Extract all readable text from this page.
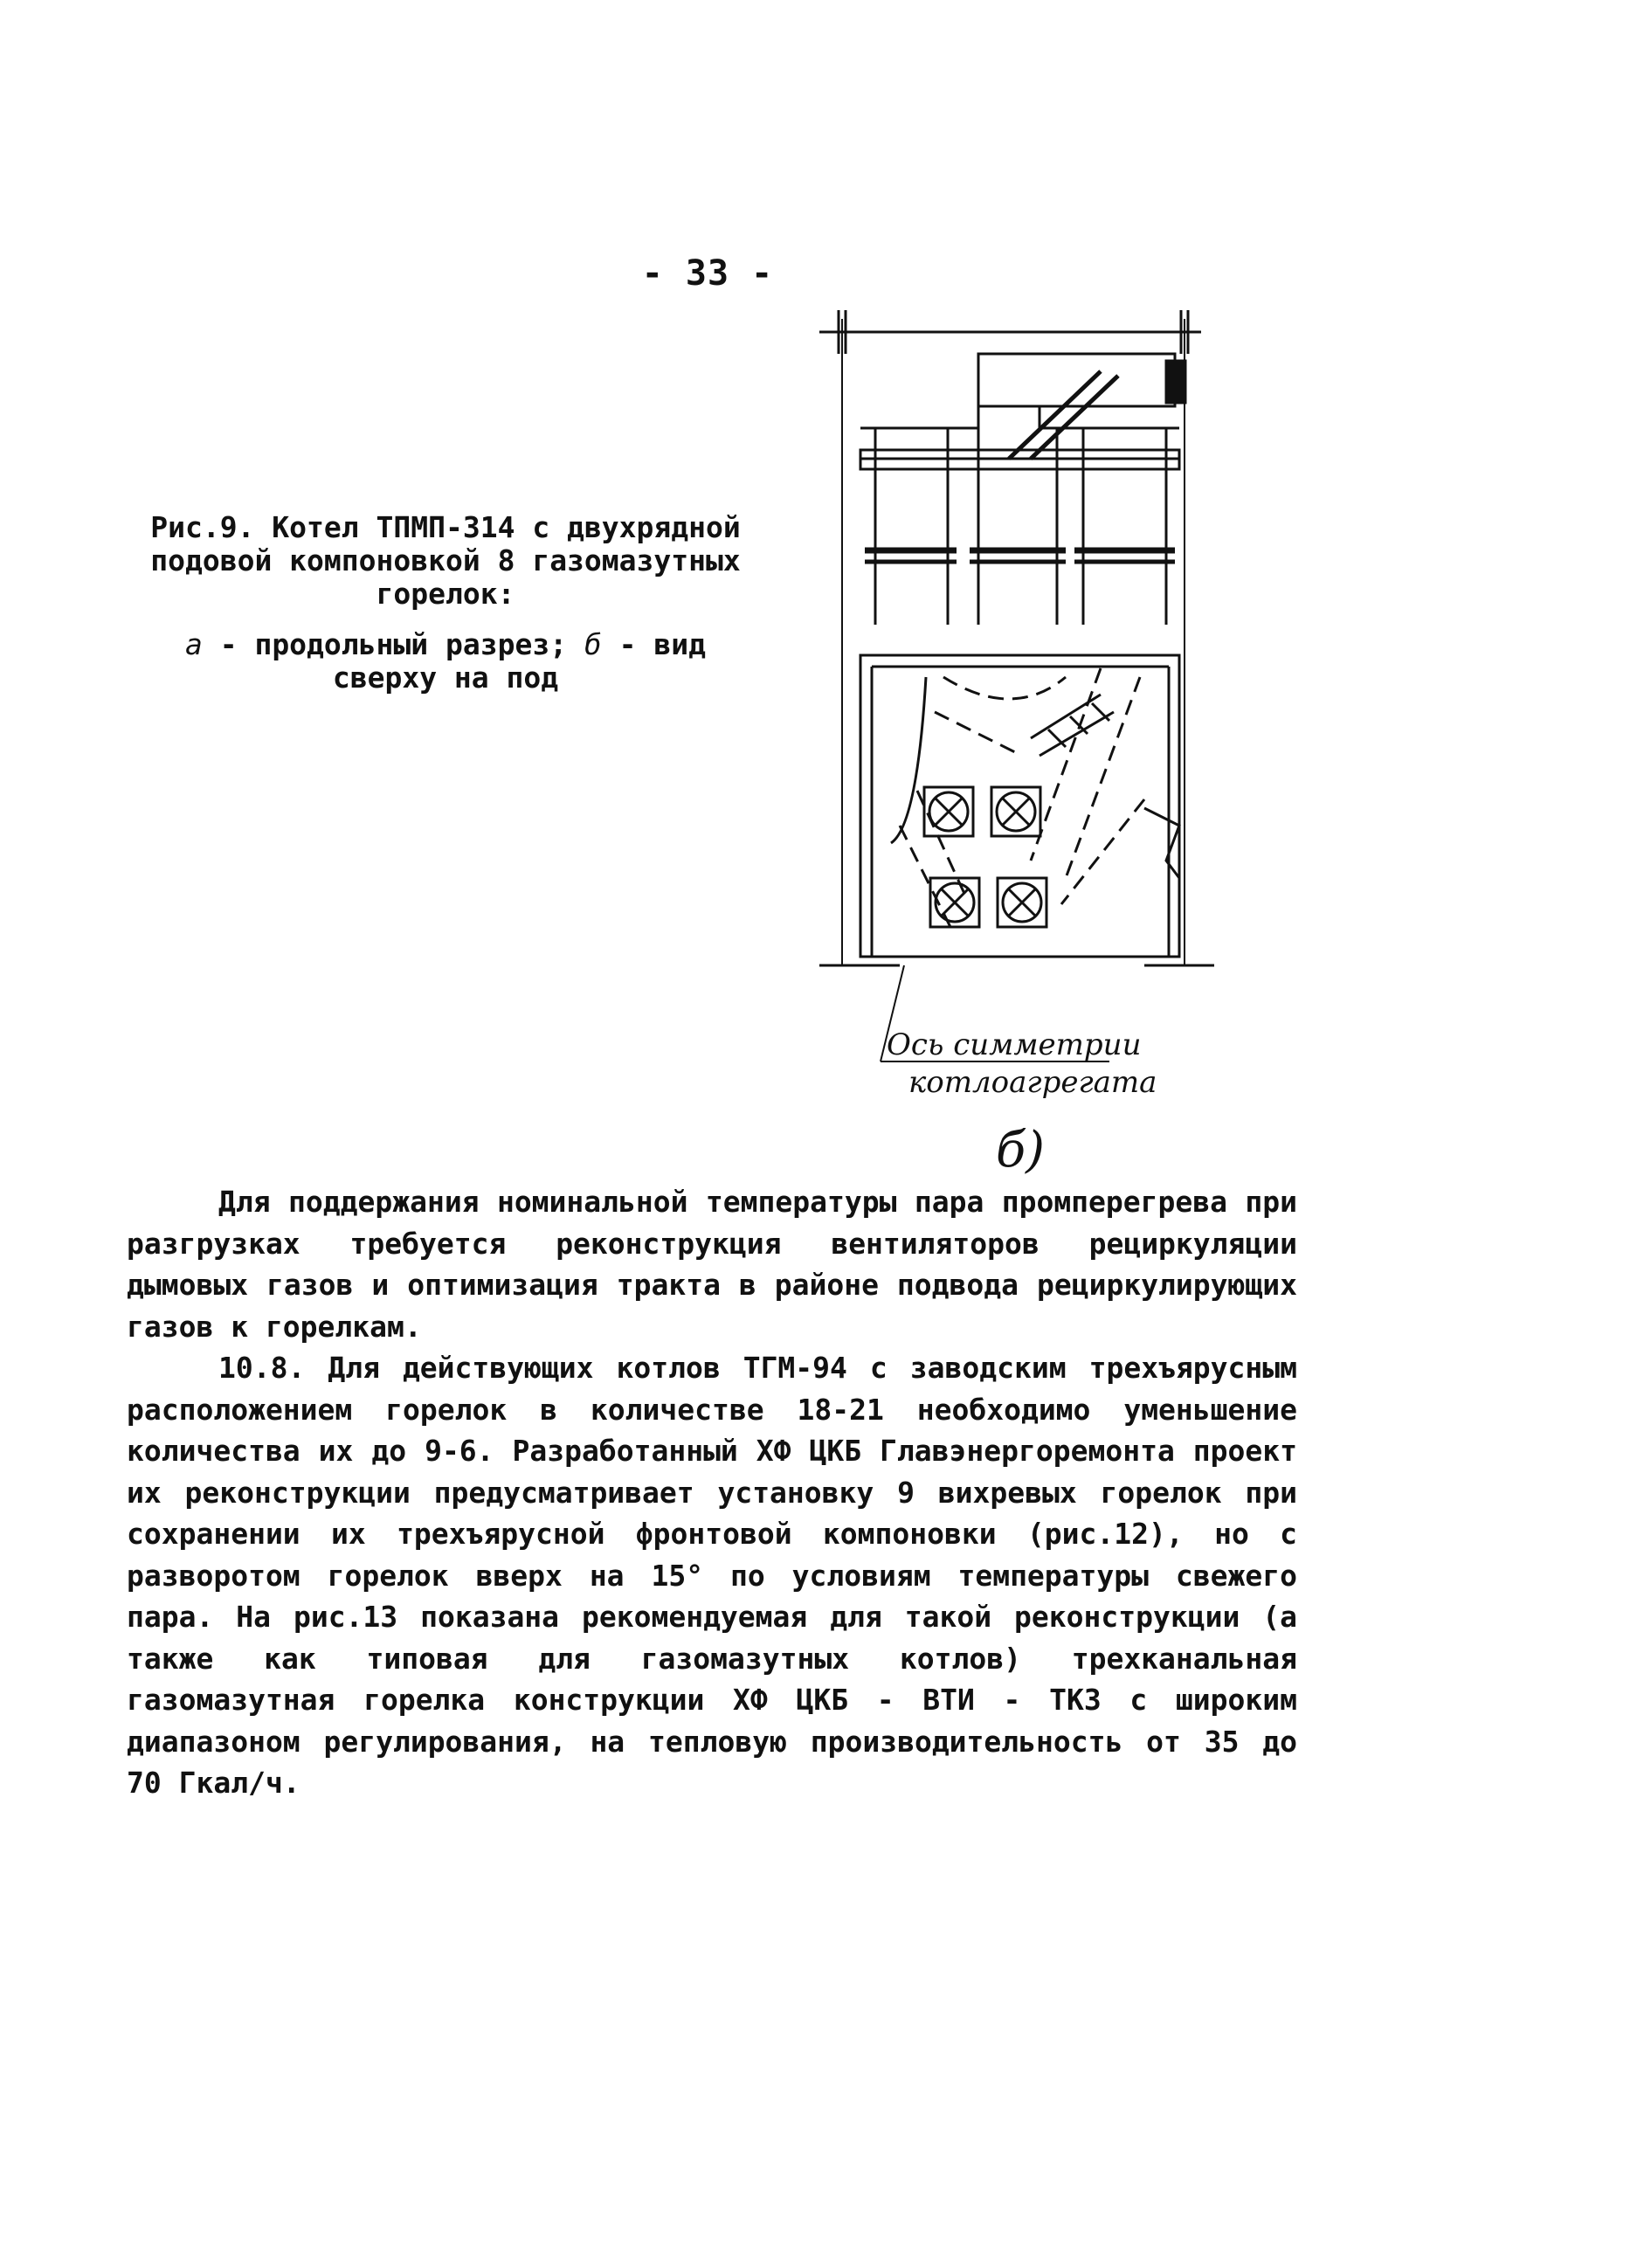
- 33 -
Рис.9. Котел ТПМП-314 с двухрядной подовой компоновкой 8 газомазутных горелок:
а - продольный разрез; б - вид сверху на под
Ось симметрии
котлоагрегата
б)

Для поддержания номинальной температуры пара промперегрева при разгрузках требуется реконструкция вентиляторов рециркуляции дымовых газов и оптимизация тракта в районе подвода рециркулирующих газов к горелкам.

10.8. Для действующих котлов ТГМ-94 с заводским трехъярусным расположением горелок в количестве 18-21 необходимо уменьшение количества их до 9-6. Разработанный ХФ ЦКБ Главэнергоремонта проект их реконструкции предусматривает установку 9 вихревых горелок при сохранении их трехъярусной фронтовой компоновки (рис.12), но с разворотом горелок вверх на 15° по условиям температуры свежего пара. На рис.13 показана рекомендуемая для такой реконструкции (а также как типовая для газомазутных котлов) трехканальная газомазутная горелка конструкции ХФ ЦКБ - ВТИ - ТКЗ с широким диапазоном регулирования, на тепловую производительность от 35 до 70 Гкал/ч.
